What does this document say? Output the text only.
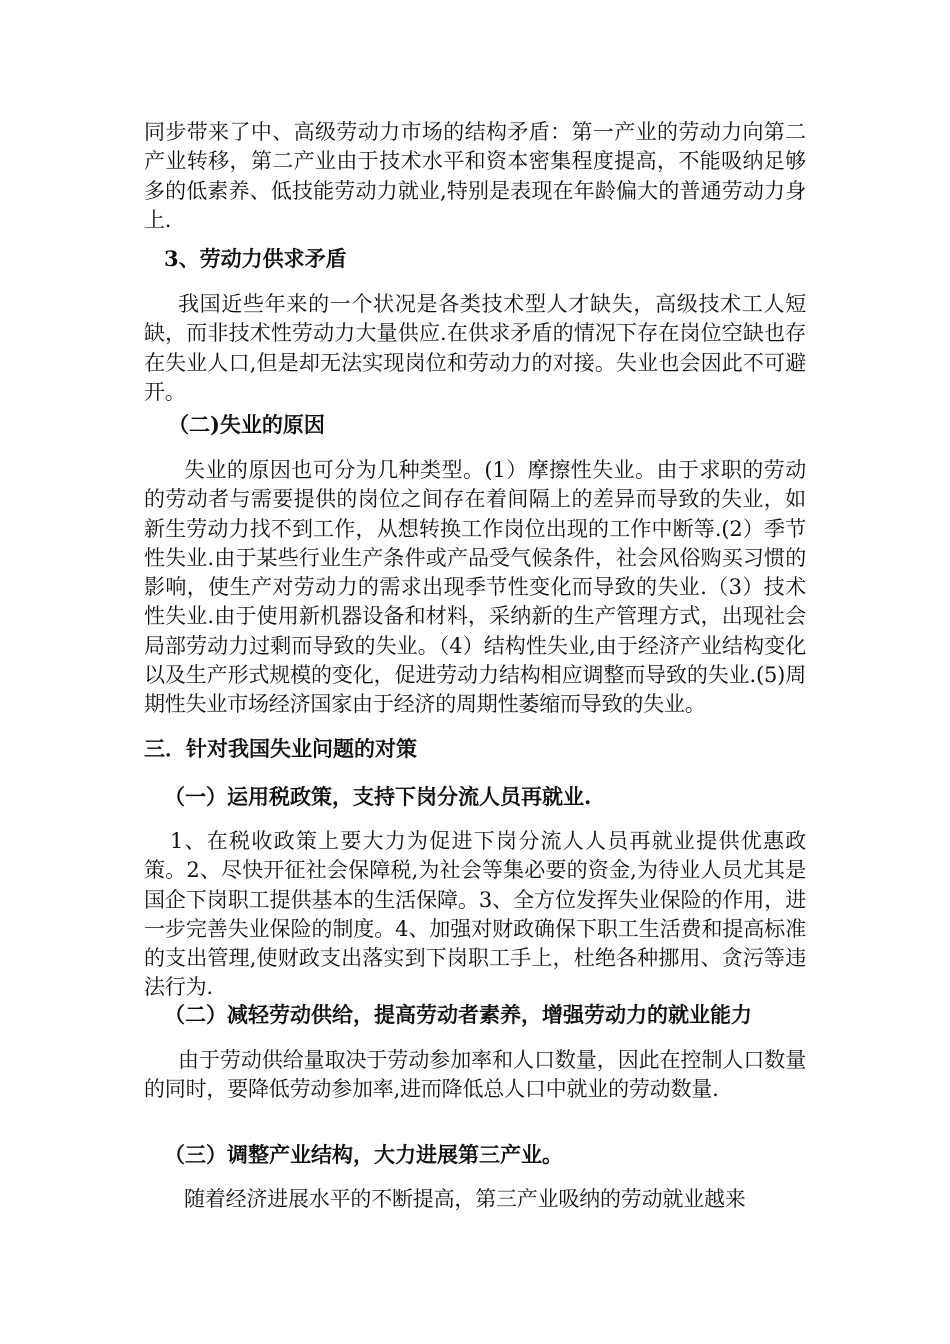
同步带来了中、高级劳动力市场的结构矛盾：第一产业的劳动力向第二产业转移，第二产业由于技术水平和资本密集程度提高，不能吸纳足够多的低素养、低技能劳动力就业,特别是表现在年龄偏大的普通劳动力身上.

3、劳动力供求矛盾

我国近些年来的一个状况是各类技术型人才缺失，高级技术工人短缺，而非技术性劳动力大量供应.在供求矛盾的情况下存在岗位空缺也存在失业人口,但是却无法实现岗位和劳动力的对接。失业也会因此不可避开。

（二)失业的原因

失业的原因也可分为几种类型。(1）摩擦性失业。由于求职的劳动的劳动者与需要提供的岗位之间存在着间隔上的差异而导致的失业，如新生劳动力找不到工作，从想转换工作岗位出现的工作中断等.(2）季节性失业.由于某些行业生产条件或产品受气候条件，社会风俗购买习惯的影响，使生产对劳动力的需求出现季节性变化而导致的失业.（3）技术性失业.由于使用新机器设备和材料，采纳新的生产管理方式，出现社会局部劳动力过剩而导致的失业。（4）结构性失业,由于经济产业结构变化以及生产形式规模的变化，促进劳动力结构相应调整而导致的失业.(5)周期性失业市场经济国家由于经济的周期性萎缩而导致的失业。

三．针对我国失业问题的对策
（一）运用税政策，支持下岗分流人员再就业.

1、在税收政策上要大力为促进下岗分流人人员再就业提供优惠政策。2、尽快开征社会保障税,为社会等集必要的资金,为待业人员尤其是国企下岗职工提供基本的生活保障。3、全方位发挥失业保险的作用，进一步完善失业保险的制度。4、加强对财政确保下职工生活费和提高标准的支出管理,使财政支出落实到下岗职工手上，杜绝各种挪用、贪污等违法行为.

（二）减轻劳动供给，提高劳动者素养，增强劳动力的就业能力

由于劳动供给量取决于劳动参加率和人口数量，因此在控制人口数量的同时，要降低劳动参加率,进而降低总人口中就业的劳动数量.

（三）调整产业结构，大力进展第三产业。

随着经济进展水平的不断提高，第三产业吸纳的劳动就业越来
